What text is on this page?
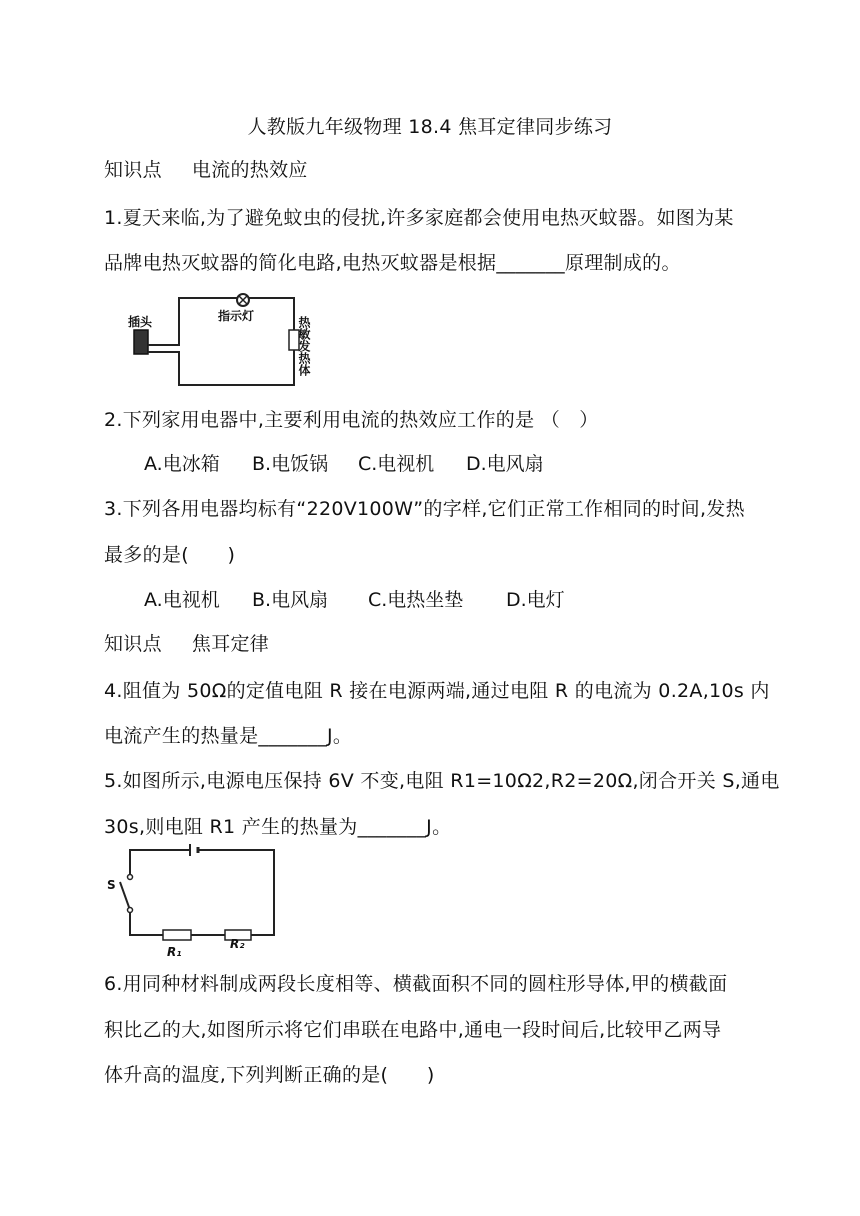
人教版九年级物理 18.4 焦耳定律同步练习
知识点 电流的热效应
1.夏天来临,为了避免蚊虫的侵扰,许多家庭都会使用电热灭蚊器。如图为某
品牌电热灭蚊器的简化电路,电热灭蚊器是根据_______原理制成的。
插头	指示灯	热敏发热体
2.下列家用电器中,主要利用电流的热效应工作的是 （　）
A.电冰箱 B.电饭锅 C.电视机 D.电风扇
3.下列各用电器均标有“220V100W”的字样,它们正常工作相同的时间,发热
最多的是(　　)
A.电视机 B.电风扇 C.电热坐垫 D.电灯
知识点 焦耳定律
4.阻值为 50Ω的定值电阻 R 接在电源两端,通过电阻 R 的电流为 0.2A,10s 内
电流产生的热量是_______J。
5.如图所示,电源电压保持 6V 不变,电阻 R1=10Ω2,R2=20Ω,闭合开关 S,通电
30s,则电阻 R1 产生的热量为_______J。
S
R₁
R₂
6.用同种材料制成两段长度相等、横截面积不同的圆柱形导体,甲的横截面
积比乙的大,如图所示将它们串联在电路中,通电一段时间后,比较甲乙两导
体升高的温度,下列判断正确的是(　　)
